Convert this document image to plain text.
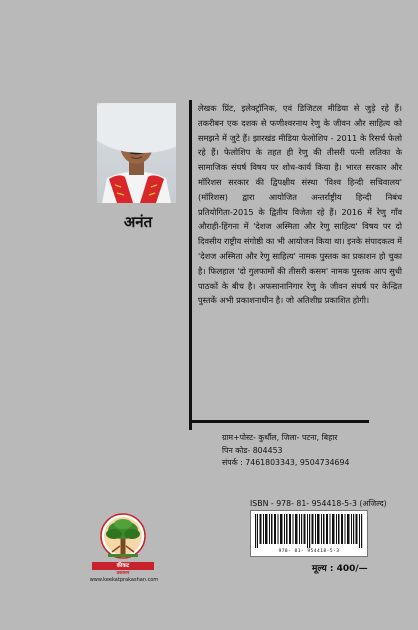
अनंत
लेखक प्रिंट, इलेक्ट्रॉनिक, एवं डिजिटल मीडिया से जुड़े रहे हैं। तकरीबन एक दशक से फणीश्वरनाथ रेणु के जीवन और साहित्य को समझने में जुटे हैं। झारखंड मीडिया फेलोशिप - 2011 के रिसर्च फेलो रहे हैं। फेलोशिप के तहत ही रेणु की तीसरी पत्नी लतिका के सामाजिक संघर्ष विषय पर शोध-कार्य किया है। भारत सरकार और मॉरिशस सरकार की द्विपक्षीय संस्था 'विश्व हिन्दी सचिवालय' (मॉरिशस) द्वारा आयोजित अन्तर्राष्ट्रीय हिन्दी निबंध प्रतियोगिता-2015 के द्वितीय विजेता रहे हैं। 2016 में रेणु गाँव औराही-हिंगना में 'देशज अस्मिता और रेणु साहित्य' विषय पर दो दिवसीय राष्ट्रीय संगोष्ठी का भी आयोजन किया था। इनके संपादकत्व में 'देशज अस्मिता और रेणु साहित्य' नामक पुस्तक का प्रकाशन हो चुका है। फिलहाल 'दो गुलफामों की तीसरी कसम' नामक पुस्तक आप सुधी पाठकों के बीच है। अफसानानिगार रेणु के जीवन संघर्ष पर केन्द्रित पुस्तकें अभी प्रकाशनाधीन है। जो अतिशीघ्र प्रकाशित होगी।
ग्राम+पोस्ट- कुर्थौल, जिला- पटना, बिहार
पिन कोड- 804453
संपर्क : 7461803343, 9504734694
ISBN - 978- 81- 954418-5-3 (अजिल्द)
978- 81- 954418-5-3
मूल्य : 400/—
कीकट
प्रकाशन
www.keekatprakashan.com
